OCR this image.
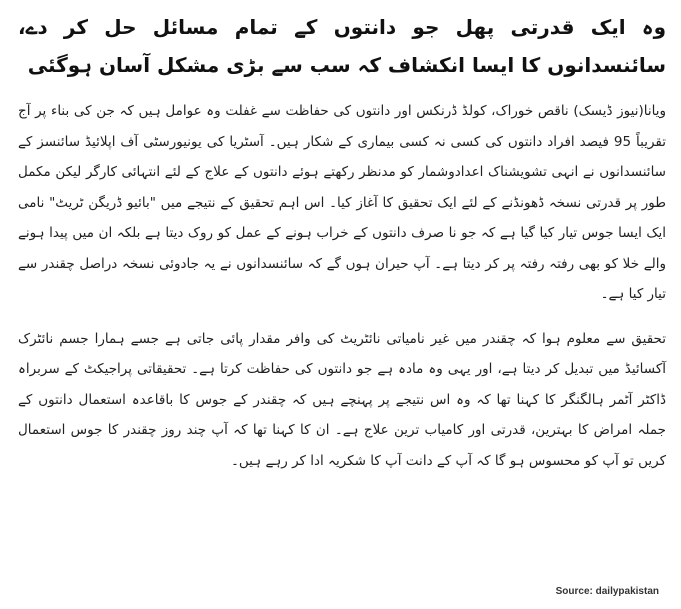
وہ ایک قدرتی پھل جو دانتوں کے تمام مسائل حل کر دے، سائنسدانوں کا ایسا انکشاف کہ سب سے بڑی مشکل آسان ہوگئی

ویانا(نیوز ڈیسک) ناقص خوراک، کولڈ ڈرنکس اور دانتوں کی حفاظت سے غفلت وہ عوامل ہیں کہ جن کی بناء پر آج تقریباً 95 فیصد افراد دانتوں کی کسی نہ کسی بیماری کے شکار ہیں۔ آسٹریا کی یونیورسٹی آف اپلائیڈ سائنسز کے سائنسدانوں نے انہی تشویشناک اعدادوشمار کو مدنظر رکھتے ہوئے دانتوں کے علاج کے لئے انتہائی کارگر لیکن مکمل طور پر قدرتی نسخہ ڈھونڈنے کے لئے ایک تحقیق کا آغاز کیا۔ اس اہم تحقیق کے نتیجے میں "بائیو ڈریگن ٹریٹ" نامی ایک ایسا جوس تیار کیا گیا ہے کہ جو نا صرف دانتوں کے خراب ہونے کے عمل کو روک دیتا ہے بلکہ ان میں پیدا ہونے والے خلا کو بھی رفتہ رفتہ پر کر دیتا ہے۔ آپ حیران ہوں گے کہ سائنسدانوں نے یہ جادوئی نسخہ دراصل چقندر سے تیار کیا ہے۔

تحقیق سے معلوم ہوا کہ چقندر میں غیر نامیاتی نائٹریٹ کی وافر مقدار پائی جاتی ہے جسے ہمارا جسم نائٹرک آکسائیڈ میں تبدیل کر دیتا ہے، اور یہی وہ مادہ ہے جو دانتوں کی حفاظت کرتا ہے۔ تحقیقاتی پراجیکٹ کے سربراہ ڈاکٹر آٹمر ہالگنگر کا کہنا تھا کہ وہ اس نتیجے پر پہنچے ہیں کہ چقندر کے جوس کا باقاعدہ استعمال دانتوں کے جملہ امراض کا بہترین، قدرتی اور کامیاب ترین علاج ہے۔ ان کا کہنا تھا کہ آپ چند روز چقندر کا جوس استعمال کریں تو آپ کو محسوس ہو گا کہ آپ کے دانت آپ کا شکریہ ادا کر رہے ہیں۔

Source: dailypakistan
